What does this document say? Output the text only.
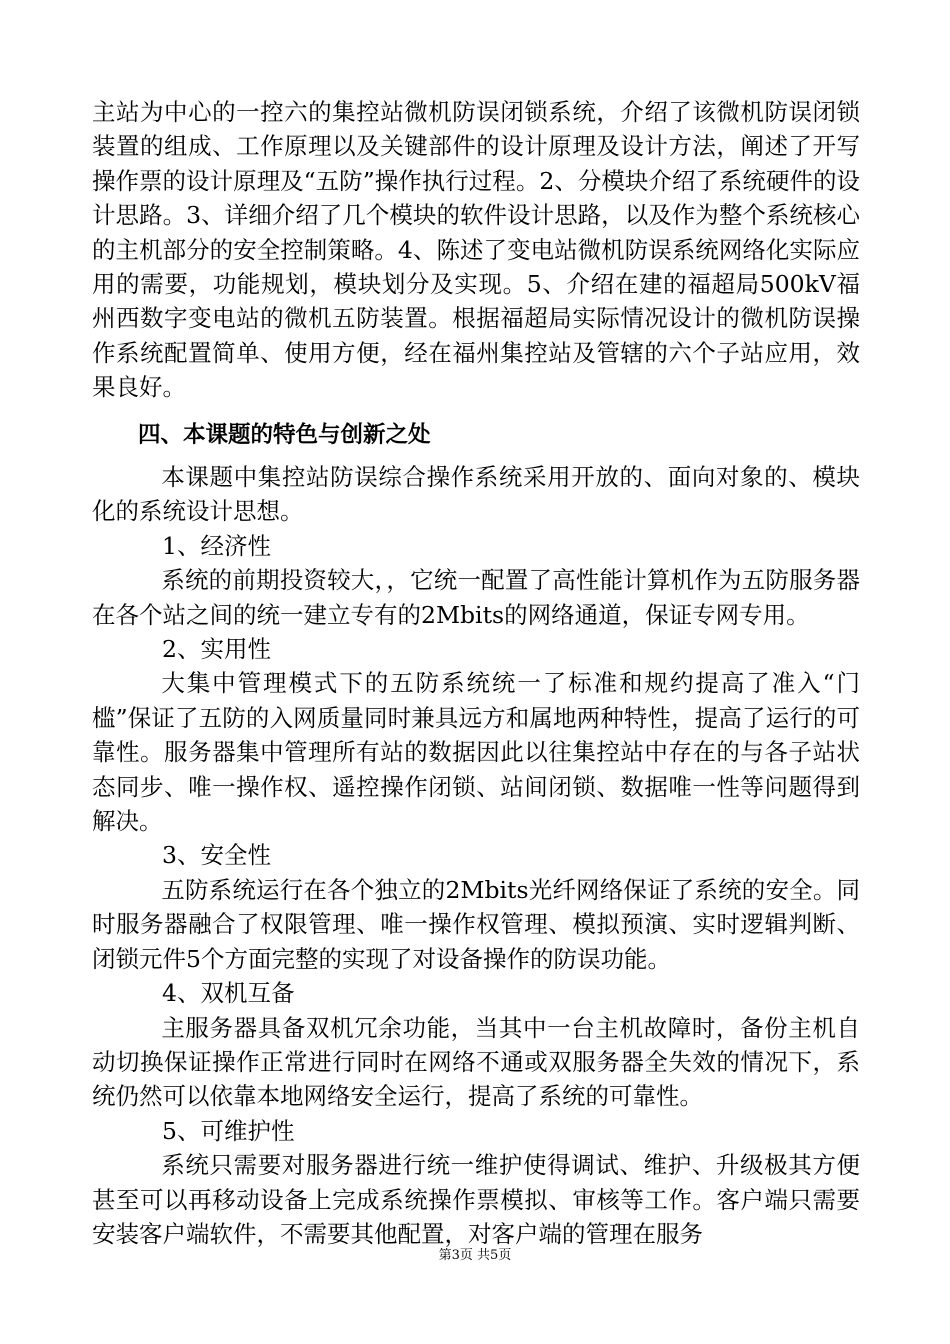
主站为中心的一控六的集控站微机防误闭锁系统，介绍了该微机防误闭锁装置的组成、工作原理以及关键部件的设计原理及设计方法，阐述了开写操作票的设计原理及“五防”操作执行过程。2、分模块介绍了系统硬件的设计思路。3、详细介绍了几个模块的软件设计思路，以及作为整个系统核心的主机部分的安全控制策略。4、陈述了变电站微机防误系统网络化实际应用的需要，功能规划，模块划分及实现。5、介绍在建的福超局500kV福州西数字变电站的微机五防装置。根据福超局实际情况设计的微机防误操作系统配置简单、使用方便，经在福州集控站及管辖的六个子站应用，效果良好。

四、本课题的特色与创新之处

本课题中集控站防误综合操作系统采用开放的、面向对象的、模块化的系统设计思想。

1、经济性

系统的前期投资较大，，它统一配置了高性能计算机作为五防服务器在各个站之间的统一建立专有的2Mbits的网络通道，保证专网专用。

2、实用性

大集中管理模式下的五防系统统一了标准和规约提高了准入“门槛”保证了五防的入网质量同时兼具远方和属地两种特性，提高了运行的可靠性。服务器集中管理所有站的数据因此以往集控站中存在的与各子站状态同步、唯一操作权、遥控操作闭锁、站间闭锁、数据唯一性等问题得到解决。

3、安全性

五防系统运行在各个独立的2Mbits光纤网络保证了系统的安全。同时服务器融合了权限管理、唯一操作权管理、模拟预演、实时逻辑判断、闭锁元件5个方面完整的实现了对设备操作的防误功能。

4、双机互备

主服务器具备双机冗余功能，当其中一台主机故障时，备份主机自动切换保证操作正常进行同时在网络不通或双服务器全失效的情况下，系统仍然可以依靠本地网络安全运行，提高了系统的可靠性。

5、可维护性

系统只需要对服务器进行统一维护使得调试、维护、升级极其方便甚至可以再移动设备上完成系统操作票模拟、审核等工作。客户端只需要安装客户端软件，不需要其他配置，对客户端的管理在服务

第3页 共5页
